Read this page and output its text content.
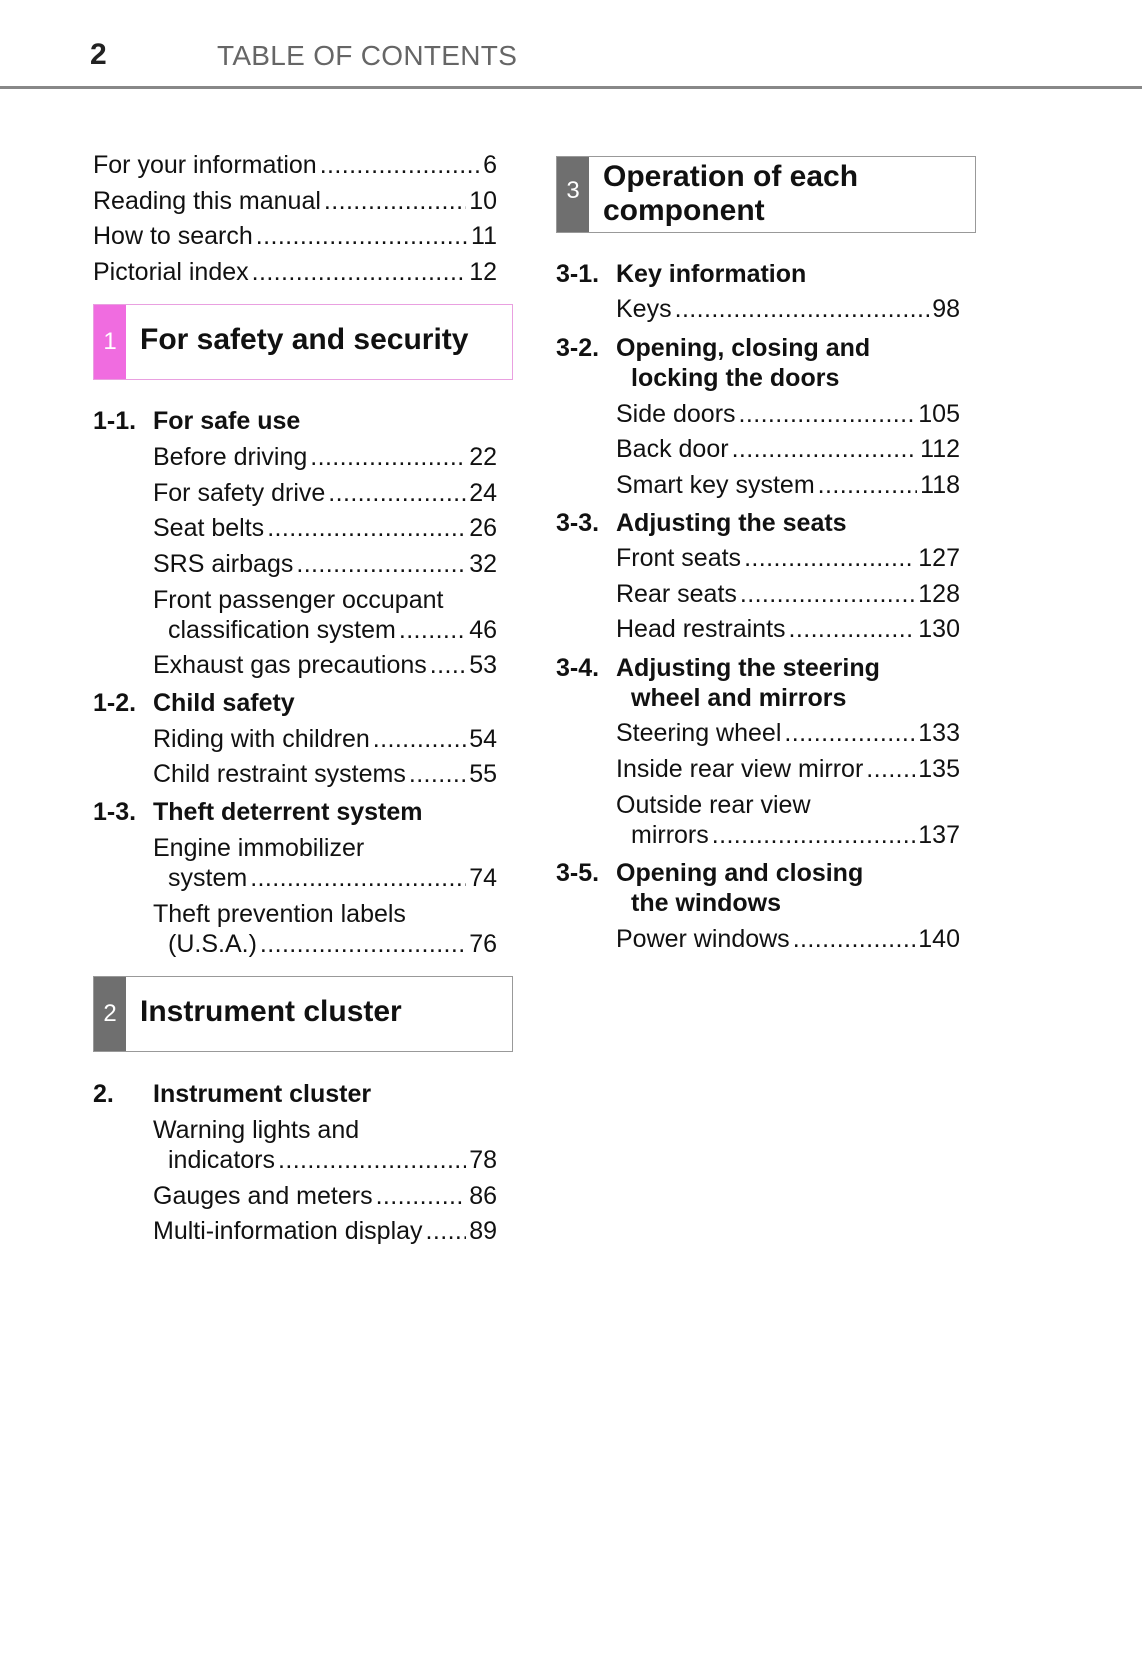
2	TABLE OF CONTENTS
For your information .....	6
Reading this manual .....	10
How to search .....	11
Pictorial index .....	12
1 For safety and security
1-1. For safe use
Before driving .....	22
For safety drive .....	24
Seat belts .....	26
SRS airbags .....	32
Front passenger occupant
classification system .....	46
Exhaust gas precautions ..... 53
1-2. Child safety
Riding with children .....	54
Child restraint systems .....	55
1-3. Theft deterrent system
Engine immobilizer
system .....	74
Theft prevention labels
(U.S.A.) .....	76
2 Instrument cluster
2. Instrument cluster
Warning lights and
indicators .....	78
Gauges and meters .....	86
Multi-information display ..... 89
3 Operation of each
component
3-1. Key information
Keys .....	98
3-2. Opening, closing and
locking the doors
Side doors .....	105
Back door .....	112
Smart key system .....	118
3-3. Adjusting the seats
Front seats .....	127
Rear seats .....	128
Head restraints .....	130
3-4. Adjusting the steering
wheel and mirrors
Steering wheel .....	133
Inside rear view mirror ..... 135
Outside rear view
mirrors .....	137
3-5. Opening and closing
the windows
Power windows .....	140
